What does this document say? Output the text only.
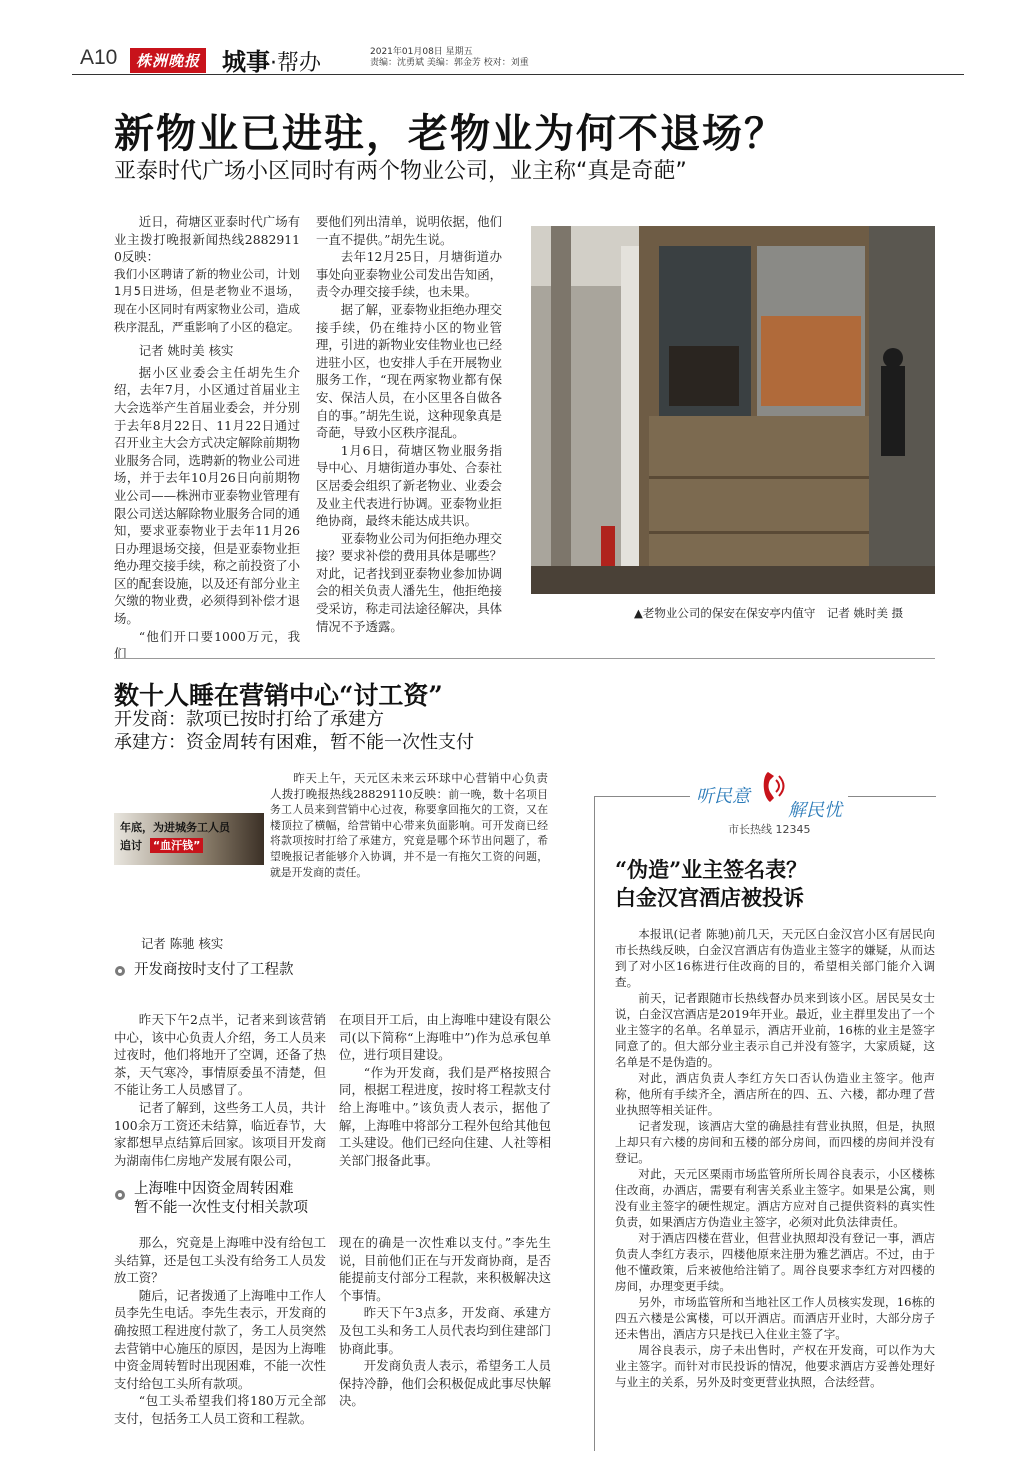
A10	株洲晚报 城事·帮办	2021年01月08日 星期五
责编：沈勇斌 美编：郭金芳 校对：刘重
新物业已进驻，老物业为何不退场？
亚泰时代广场小区同时有两个物业公司，业主称“真是奇葩”

近日，荷塘区亚泰时代广场有业主拨打晚报新闻热线28829110反映：

我们小区聘请了新的物业公司，计划1月5日进场，但是老物业不退场，现在小区同时有两家物业公司，造成秩序混乱，严重影响了小区的稳定。

记者 姚时美 核实

据小区业委会主任胡先生介绍，去年7月，小区通过首届业主大会选举产生首届业委会，并分别于去年8月22日、11月22日通过召开业主大会方式决定解除前期物业服务合同，选聘新的物业公司进场，并于去年10月26日向前期物业公司——株洲市亚泰物业管理有限公司送达解除物业服务合同的通知，要求亚泰物业于去年11月26日办理退场交接，但是亚泰物业拒绝办理交接手续，称之前投资了小区的配套设施，以及还有部分业主欠缴的物业费，必须得到补偿才退场。

“他们开口要1000万元，我们

要他们列出清单，说明依据，他们一直不提供。”胡先生说。

去年12月25日，月塘街道办事处向亚泰物业公司发出告知函，责令办理交接手续，也未果。

据了解，亚泰物业拒绝办理交接手续，仍在维持小区的物业管理，引进的新物业安佳物业也已经进驻小区，也安排人手在开展物业服务工作，“现在两家物业都有保安、保洁人员，在小区里各自做各自的事。”胡先生说，这种现象真是奇葩，导致小区秩序混乱。

1月6日，荷塘区物业服务指导中心、月塘街道办事处、合泰社区居委会组织了新老物业、业委会及业主代表进行协调。亚泰物业拒绝协商，最终未能达成共识。

亚泰物业公司为何拒绝办理交接？要求补偿的费用具体是哪些？对此，记者找到亚泰物业参加协调会的相关负责人潘先生，他拒绝接受采访，称走司法途径解决，具体情况不予透露。

▲老物业公司的保安在保安亭内值守　记者 姚时美 摄
数十人睡在营销中心“讨工资”
开发商：款项已按时打给了承建方
承建方：资金周转有困难，暂不能一次性支付
年底，为进城务工人员
追讨 “血汗钱”

昨天上午，天元区未来云环球中心营销中心负责人拨打晚报热线28829110反映：前一晚，数十名项目务工人员来到营销中心过夜，称要拿回拖欠的工资，又在楼顶拉了横幅，给营销中心带来负面影响。可开发商已经将款项按时打给了承建方，究竟是哪个环节出问题了，希望晚报记者能够介入协调，并不是一有拖欠工资的问题，就是开发商的责任。

记者 陈驰 核实
开发商按时支付了工程款

昨天下午2点半，记者来到该营销中心，该中心负责人介绍，务工人员来过夜时，他们将地开了空调，还备了热茶，天气寒冷，事情原委虽不清楚，但不能让务工人员感冒了。

记者了解到，这些务工人员，共计100余万工资还未结算，临近春节，大家都想早点结算后回家。该项目开发商为湖南伟仁房地产发展有限公司，

在项目开工后，由上海唯中建设有限公司(以下简称“上海唯中”)作为总承包单位，进行项目建设。

“作为开发商，我们是严格按照合同，根据工程进度，按时将工程款支付给上海唯中。”该负责人表示，据他了解，上海唯中将部分工程外包给其他包工头建设。他们已经向住建、人社等相关部门报备此事。

上海唯中因资金周转困难
暂不能一次性支付相关款项

那么，究竟是上海唯中没有给包工头结算，还是包工头没有给务工人员发放工资？

随后，记者拨通了上海唯中工作人员李先生电话。李先生表示，开发商的确按照工程进度付款了，务工人员突然去营销中心施压的原因，是因为上海唯中资金周转暂时出现困难，不能一次性支付给包工头所有款项。

“包工头希望我们将180万元全部支付，包括务工人员工资和工程款。

现在的确是一次性难以支付。”李先生说，目前他们正在与开发商协商，是否能提前支付部分工程款，来积极解决这个事情。

昨天下午3点多，开发商、承建方及包工头和务工人员代表均到住建部门协商此事。

开发商负责人表示，希望务工人员保持冷静，他们会积极促成此事尽快解决。

听民意
解民忧
市长热线 12345
“伪造”业主签名表？
白金汉宫酒店被投诉

本报讯(记者 陈驰)前几天，天元区白金汉宫小区有居民向市长热线反映，白金汉宫酒店有伪造业主签字的嫌疑，从而达到了对小区16栋进行住改商的目的，希望相关部门能介入调查。

前天，记者跟随市长热线督办员来到该小区。居民吴女士说，白金汉宫酒店是2019年开业。最近，业主群里发出了一个业主签字的名单。名单显示，酒店开业前，16栋的业主是签字同意了的。但大部分业主表示自己并没有签字，大家质疑，这名单是不是伪造的。

对此，酒店负责人李红方矢口否认伪造业主签字。他声称，他所有手续齐全，酒店所在的四、五、六楼，都办理了营业执照等相关证件。

记者发现，该酒店大堂的确悬挂有营业执照，但是，执照上却只有六楼的房间和五楼的部分房间，而四楼的房间并没有登记。

对此，天元区栗雨市场监管所所长周谷良表示，小区楼栋住改商，办酒店，需要有利害关系业主签字。如果是公寓，则没有业主签字的硬性规定。酒店方应对自己提供资料的真实性负责，如果酒店方伪造业主签字，必须对此负法律责任。

对于酒店四楼在营业，但营业执照却没有登记一事，酒店负责人李红方表示，四楼他原来注册为雅艺酒店。不过，由于他不懂政策，后来被他给注销了。周谷良要求李红方对四楼的房间，办理变更手续。

另外，市场监管所和当地社区工作人员核实发现，16栋的四五六楼是公寓楼，可以开酒店。而酒店开业时，大部分房子还未售出，酒店方只是找已入住业主签了字。

周谷良表示，房子未出售时，产权在开发商，可以作为大业主签字。而针对市民投诉的情况，他要求酒店方妥善处理好与业主的关系，另外及时变更营业执照，合法经营。
